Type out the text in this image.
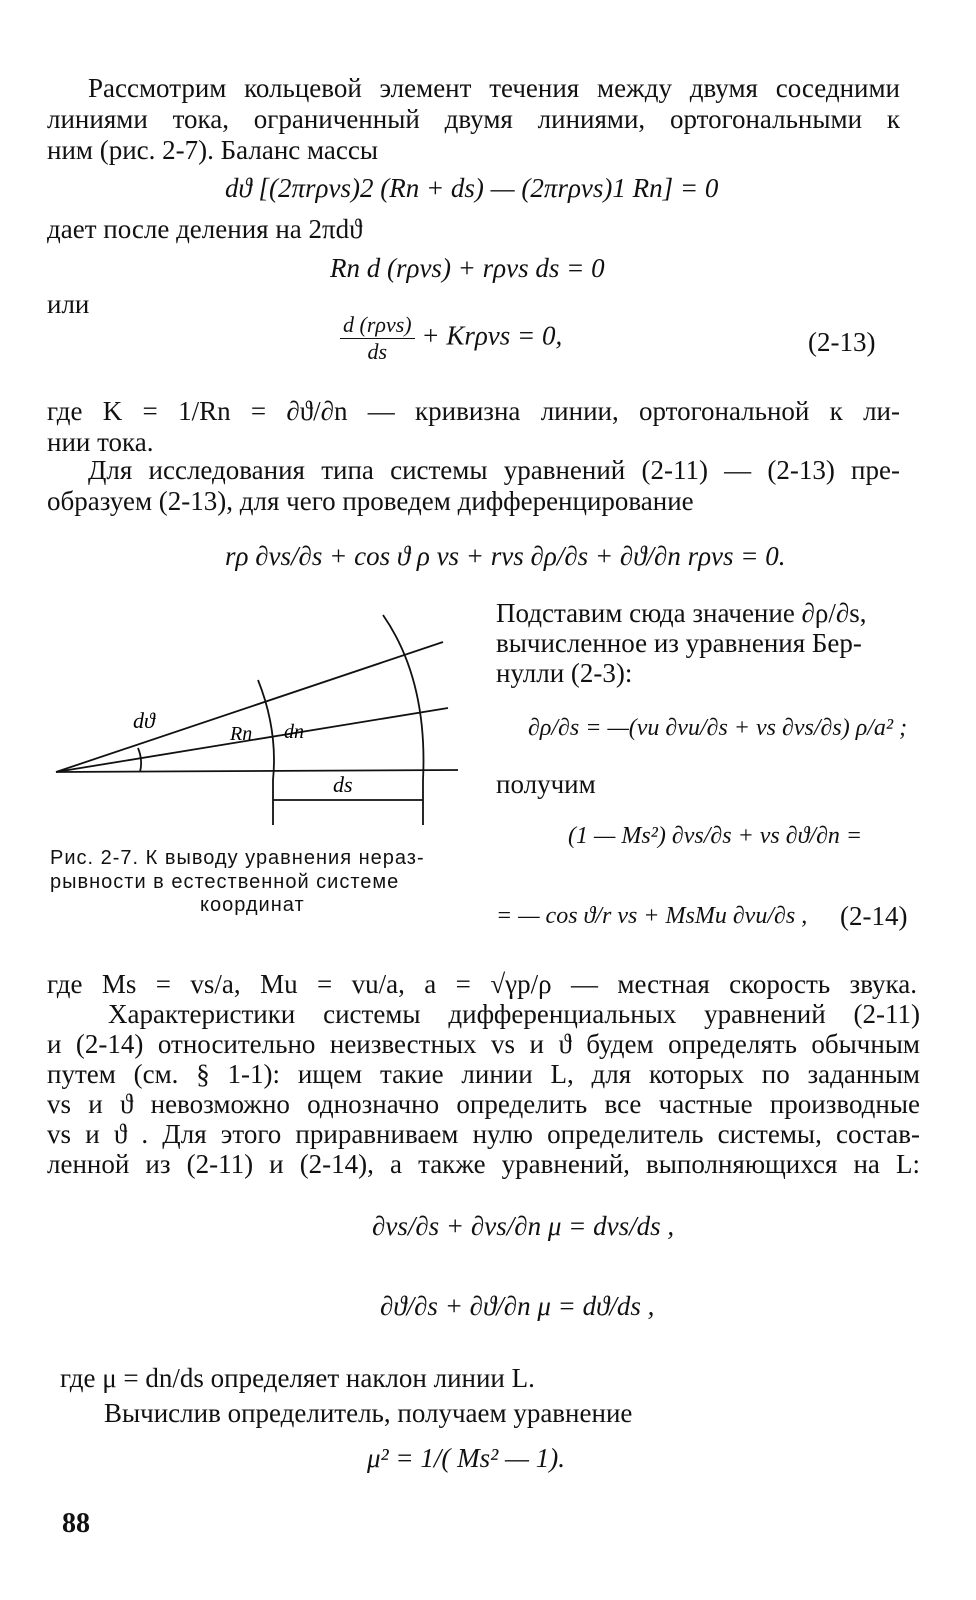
Рассмотрим кольцевой элемент течения между двумя соседними
линиями тока, ограниченный двумя линиями, ортогональными к
ним (рис. 2-7). Баланс массы
dϑ [(2πrρvs)2 (Rn + ds) — (2πrρvs)1 Rn] = 0
дает после деления на 2πdϑ
Rn d (rρvs) + rρvs ds = 0
или
$\frac{\text{d (rρvs)}}{ds} + Kr\rho vs = 0$,	(2-13)
где K = 1/Rn = ∂ϑ/∂n — кривизна линии, ортогональной к ли-
нии тока.
Для исследования типа системы уравнений (2-11) — (2-13) пре-
образуем (2-13), для чего проведем дифференцирование
rρ ∂vs/∂s + cos ϑ ρ vs + rvs ∂ρ/∂s + ∂ϑ/∂n rρvs = 0.
dϑ
Rn dn
ds
Рис. 2-7. К выводу уравнения нераз-
рывности в естественной системе
координат
Подставим сюда значение ∂ρ/∂s,
вычисленное из уравнения Бер-
нулли (2-3):
∂ρ/∂s = —(vu ∂vu/∂s + vs ∂vs/∂s) ρ/a² ;
получим
(1 — Ms²) ∂vs/∂s + vs ∂ϑ/∂n =
= — cos ϑ/r vs + MsMu ∂vu/∂s , (2-14)
где Ms = vs/a, Mu = vu/a, a = √γp/ρ — местная скорость звука.
Характеристики системы дифференциальных уравнений (2-11)
и (2-14) относительно неизвестных vs и ϑ будем определять обычным
путем (см. § 1-1): ищем такие линии L, для которых по заданным
vs и ϑ невозможно однозначно определить все частные производные
vs и ϑ . Для этого приравниваем нулю определитель системы, состав-
ленной из (2-11) и (2-14), а также уравнений, выполняющихся на L:
∂vs/∂s + ∂vs/∂n μ = dvs/ds ,
∂ϑ/∂s + ∂ϑ/∂n μ = dϑ/ds ,
где μ = dn/ds определяет наклон линии L.
Вычислив определитель, получаем уравнение
μ² = 1/( Ms² — 1).
88
